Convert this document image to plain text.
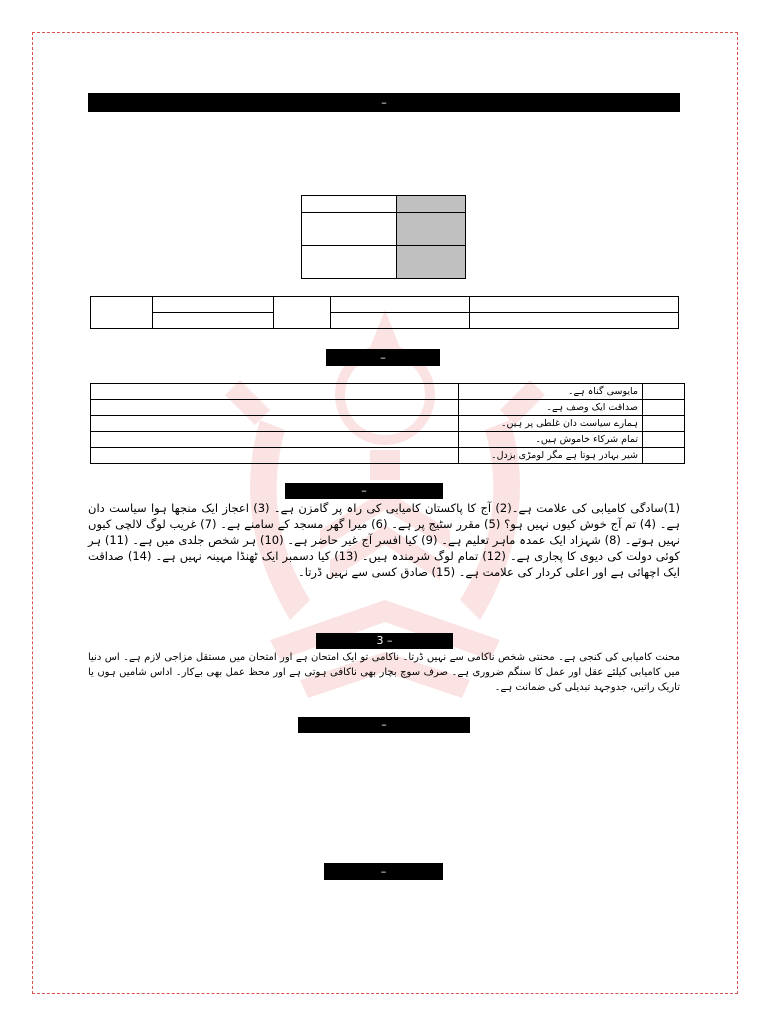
–

–
	مایوسی گناہ ہے۔	
	صداقت ایک وصف ہے۔	
	ہمارے سیاست دان غلطی پر ہیں۔	
	تمام شرکاء خاموش ہیں۔	
	شیر بہادر ہوتا ہے مگر لومڑی بزدل۔	
–
(1)سادگی کامیابی کی علامت ہے۔(2) آج کا پاکستان کامیابی کی راہ پر گامزن ہے۔ (3) اعجاز ایک منجھا ہوا سیاست دان ہے۔ (4) تم آج خوش کیوں نہیں ہو؟ (5) مقرر سٹیج پر ہے۔ (6) میرا گھر مسجد کے سامنے ہے۔ (7) غریب لوگ لالچی کیوں نہیں ہوتے۔ (8) شہزاد ایک عمدہ ماہر تعلیم ہے۔ (9) کیا افسر آج غیر حاضر ہے۔ (10) ہر شخص جلدی میں ہے۔ (11) ہر کوئی دولت کی دیوی کا پجاری ہے۔ (12) تمام لوگ شرمندہ ہیں۔ (13) کیا دسمبر ایک ٹھنڈا مہینہ نہیں ہے۔ (14) صداقت ایک اچھائی ہے اور اعلی کردار کی علامت ہے۔ (15) صادق کسی سے نہیں ڈرتا۔
3 –
محنت کامیابی کی کنجی ہے۔ محنتی شخص ناکامی سے نہیں ڈرتا۔ ناکامی تو ایک امتحان ہے اور امتحان میں مستقل مزاجی لازم ہے۔ اس دنیا میں کامیابی کیلئے عقل اور عمل کا سنگم ضروری ہے۔ صرف سوچ بچار بھی ناکافی ہوتی ہے اور محظ عمل بھی بےکار۔ اداس شامیں ہوں یا تاریک راتیں، جدوجہد تبدیلی کی ضمانت ہے۔
–
–
